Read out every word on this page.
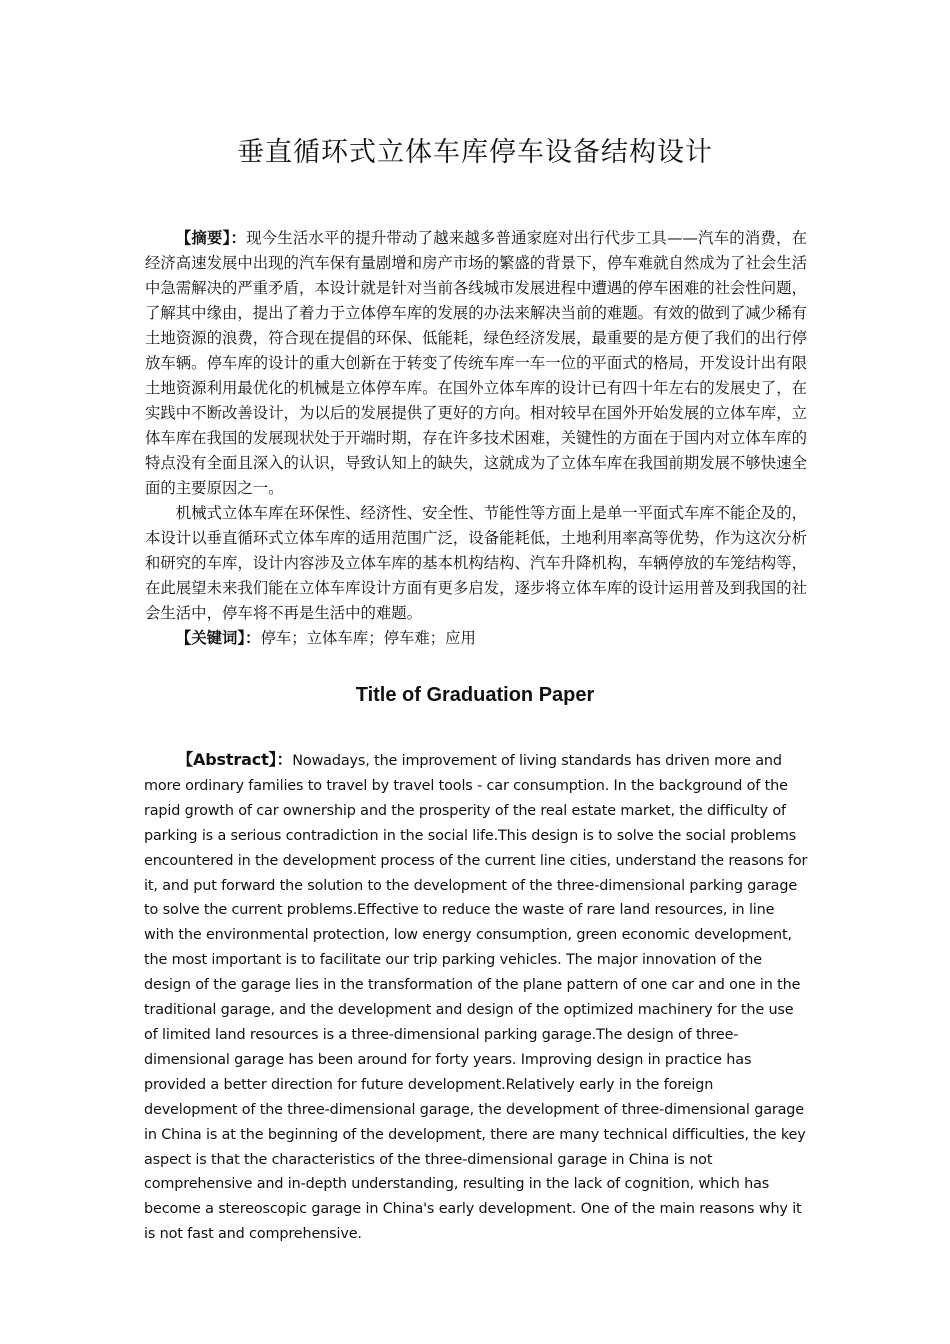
垂直循环式立体车库停车设备结构设计

【摘要】：现今生活水平的提升带动了越来越多普通家庭对出行代步工具——汽车的消费，在经济高速发展中出现的汽车保有量剧增和房产市场的繁盛的背景下，停车难就自然成为了社会生活中急需解决的严重矛盾，本设计就是针对当前各线城市发展进程中遭遇的停车困难的社会性问题，了解其中缘由，提出了着力于立体停车库的发展的办法来解决当前的难题。有效的做到了减少稀有土地资源的浪费，符合现在提倡的环保、低能耗，绿色经济发展，最重要的是方便了我们的出行停放车辆。停车库的设计的重大创新在于转变了传统车库一车一位的平面式的格局，开发设计出有限土地资源利用最优化的机械是立体停车库。在国外立体车库的设计已有四十年左右的发展史了，在实践中不断改善设计，为以后的发展提供了更好的方向。相对较早在国外开始发展的立体车库，立体车库在我国的发展现状处于开端时期，存在许多技术困难，关键性的方面在于国内对立体车库的特点没有全面且深入的认识，导致认知上的缺失，这就成为了立体车库在我国前期发展不够快速全面的主要原因之一。

机械式立体车库在环保性、经济性、安全性、节能性等方面上是单一平面式车库不能企及的，本设计以垂直循环式立体车库的适用范围广泛，设备能耗低，土地利用率高等优势，作为这次分析和研究的车库，设计内容涉及立体车库的基本机构结构、汽车升降机构，车辆停放的车笼结构等，在此展望未来我们能在立体车库设计方面有更多启发，逐步将立体车库的设计运用普及到我国的社会生活中，停车将不再是生活中的难题。

【关键词】：停车；立体车库；停车难；应用

Title of Graduation Paper

【Abstract】：Nowadays, the improvement of living standards has driven more and more ordinary families to travel by travel tools - car consumption. In the background of the rapid growth of car ownership and the prosperity of the real estate market, the difficulty of parking is a serious contradiction in the social life.This design is to solve the social problems encountered in the development process of the current line cities, understand the reasons for it, and put forward the solution to the development of the three-dimensional parking garage to solve the current problems.Effective to reduce the waste of rare land resources, in line with the environmental protection, low energy consumption, green economic development, the most important is to facilitate our trip parking vehicles. The major innovation of the design of the garage lies in the transformation of the plane pattern of one car and one in the traditional garage, and the development and design of the optimized machinery for the use of limited land resources is a three-dimensional parking garage.The design of three-dimensional garage has been around for forty years. Improving design in practice has provided a better direction for future development.Relatively early in the foreign development of the three-dimensional garage, the development of three-dimensional garage in China is at the beginning of the development, there are many technical difficulties, the key aspect is that the characteristics of the three-dimensional garage in China is not comprehensive and in-depth understanding, resulting in the lack of cognition, which has become a stereoscopic garage in China's early development. One of the main reasons why it is not fast and comprehensive.
